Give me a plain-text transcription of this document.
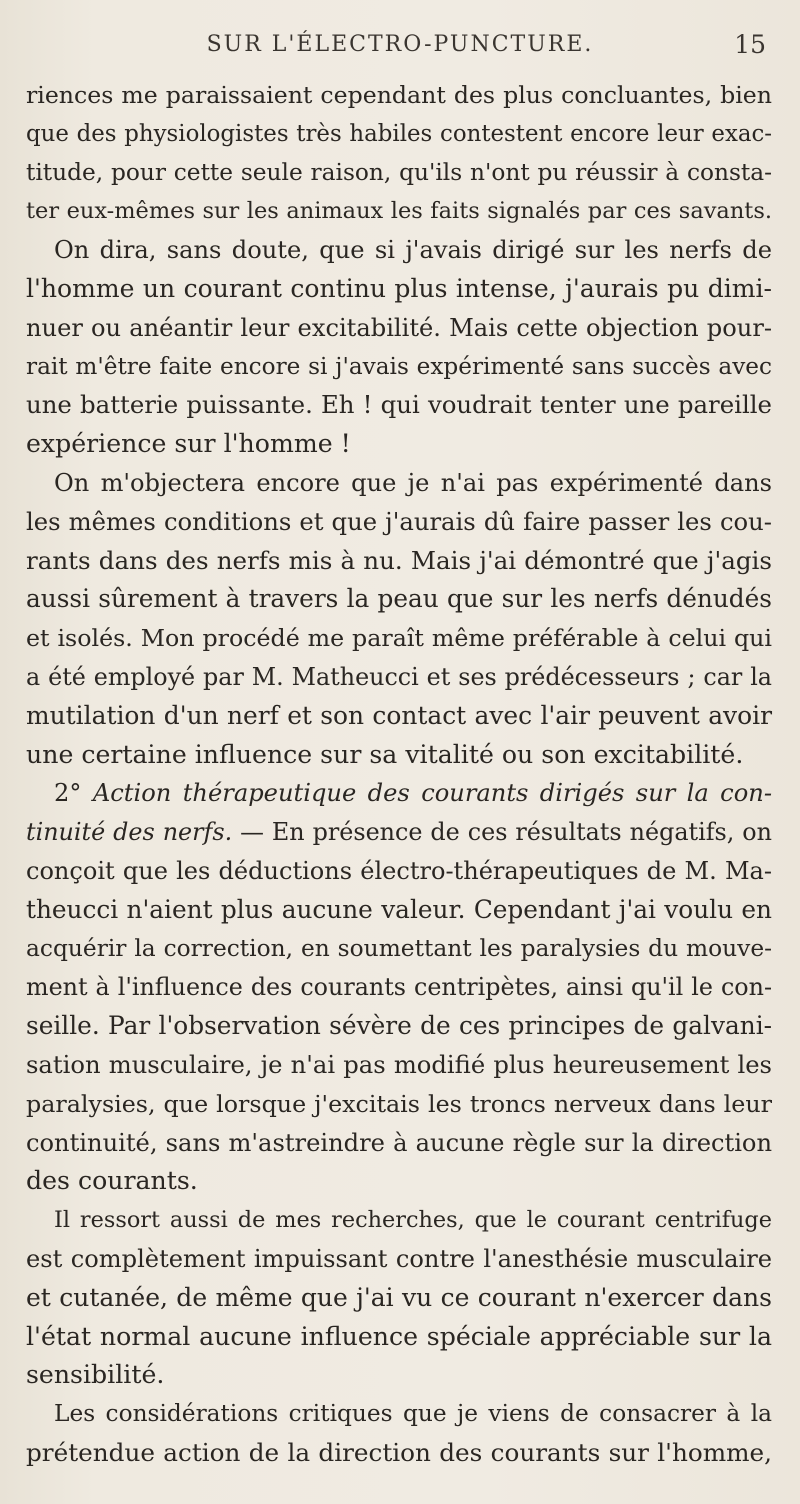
SUR L'ÉLECTRO-PUNCTURE.	15

riences me paraissaient cependant des plus concluantes, bien
que des physiologistes très habiles contestent encore leur exac-
titude, pour cette seule raison, qu'ils n'ont pu réussir à consta-
ter eux-mêmes sur les animaux les faits signalés par ces savants.

On dira, sans doute, que si j'avais dirigé sur les nerfs de
l'homme un courant continu plus intense, j'aurais pu dimi-
nuer ou anéantir leur excitabilité. Mais cette objection pour-
rait m'être faite encore si j'avais expérimenté sans succès avec
une batterie puissante. Eh ! qui voudrait tenter une pareille
expérience sur l'homme !

On m'objectera encore que je n'ai pas expérimenté dans
les mêmes conditions et que j'aurais dû faire passer les cou-
rants dans des nerfs mis à nu. Mais j'ai démontré que j'agis
aussi sûrement à travers la peau que sur les nerfs dénudés
et isolés. Mon procédé me paraît même préférable à celui qui
a été employé par M. Matheucci et ses prédécesseurs ; car la
mutilation d'un nerf et son contact avec l'air peuvent avoir
une certaine influence sur sa vitalité ou son excitabilité.

2° Action thérapeutique des courants dirigés sur la con-
tinuité des nerfs. — En présence de ces résultats négatifs, on
conçoit que les déductions électro-thérapeutiques de M. Ma-
theucci n'aient plus aucune valeur. Cependant j'ai voulu en
acquérir la correction, en soumettant les paralysies du mouve-
ment à l'influence des courants centripètes, ainsi qu'il le con-
seille. Par l'observation sévère de ces principes de galvani-
sation musculaire, je n'ai pas modifié plus heureusement les
paralysies, que lorsque j'excitais les troncs nerveux dans leur
continuité, sans m'astreindre à aucune règle sur la direction
des courants.

Il ressort aussi de mes recherches, que le courant centrifuge
est complètement impuissant contre l'anesthésie musculaire
et cutanée, de même que j'ai vu ce courant n'exercer dans
l'état normal aucune influence spéciale appréciable sur la
sensibilité.

Les considérations critiques que je viens de consacrer à la
prétendue action de la direction des courants sur l'homme,
